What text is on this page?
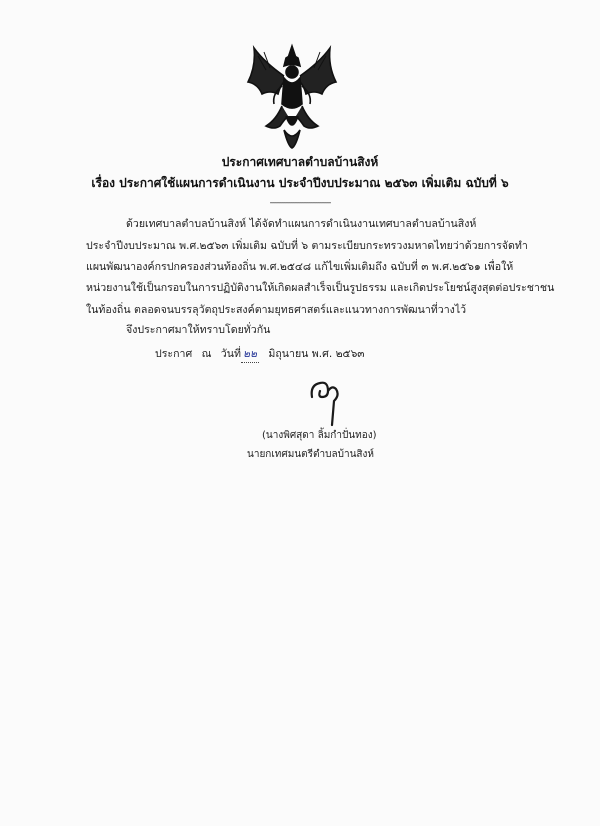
ประกาศเทศบาลตำบลบ้านสิงห์
เรื่อง ประกาศใช้แผนการดำเนินงาน ประจำปีงบประมาณ ๒๕๖๓ เพิ่มเติม ฉบับที่ ๖
---------------------------
ด้วยเทศบาลตำบลบ้านสิงห์ ได้จัดทำแผนการดำเนินงานเทศบาลตำบลบ้านสิงห์
ประจำปีงบประมาณ พ.ศ.๒๕๖๓ เพิ่มเติม ฉบับที่ ๖ ตามระเบียบกระทรวงมหาดไทยว่าด้วยการจัดทำ
แผนพัฒนาองค์กรปกครองส่วนท้องถิ่น พ.ศ.๒๕๔๘ แก้ไขเพิ่มเติมถึง ฉบับที่ ๓ พ.ศ.๒๕๖๑ เพื่อให้
หน่วยงานใช้เป็นกรอบในการปฏิบัติงานให้เกิดผลสำเร็จเป็นรูปธรรม และเกิดประโยชน์สูงสุดต่อประชาชน
ในท้องถิ่น ตลอดจนบรรลุวัตถุประสงค์ตามยุทธศาสตร์และแนวทางการพัฒนาที่วางไว้
จึงประกาศมาให้ทราบโดยทั่วกัน
ประกาศ ณ วันที่ ๒๒ มิถุนายน พ.ศ. ๒๕๖๓
(นางพิศสุดา ลิ้มกำปั่นทอง)
นายกเทศมนตรีตำบลบ้านสิงห์
